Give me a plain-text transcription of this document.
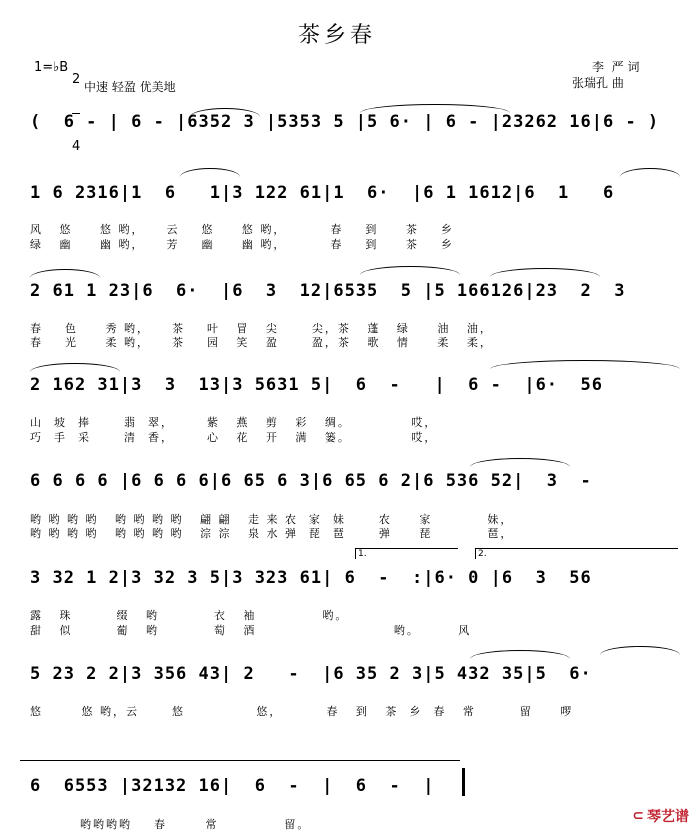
茶乡春
1=♭B

2

4

中速 轻盈 优美地
李  严 词
张瑞孔 曲
(  6 - | 6 - |6352 3 |5353 5 |5 6· | 6 - |23262 16|6 - )
1 6 2316|1  6   1|3 122 61|1  6·  |6 1 1612|6  1   6
风   悠     悠 哟，    云    悠     悠 哟，        春    到     茶    乡
绿   幽     幽 哟，    芳    幽     幽 哟，        春    到     茶    乡
2 61 1 23|6  6·  |6  3  12|6535  5 |5 166126|23  2  3
春    色     秀 哟，    茶    叶   冒   尖      尖，茶   蓬   绿     油   油，
春    光     柔 哟，    茶    园   笑   盈      盈，茶   歌   情     柔   柔，
2 162 31|3  3  13|3 5631 5|  6  -   |  6 -  |6·  56
山  坡  捧      翡  翠，      紫   燕   剪   彩   绸。           哎，
巧  手  采      清  香，      心   花   开   满   篓。           哎，
6 6 6 6 |6 6 6 6|6 65 6 3|6 65 6 2|6 536 52|  3  -
哟 哟 哟 哟   哟 哟 哟 哟   翩 翩   走 来 农  家  妹      农     家          妹，
哟 哟 哟 哟   哟 哟 哟 哟   淙 淙   泉 水 弹  琵  琶      弹     琵          琶，
1.	2.
3 32 1 2|3 32 3 5|3 323 61| 6  -  :|6· 0 |6  3  56
露   珠        缀   哟          衣   袖            哟。
甜   似        葡   哟          萄   酒                         哟。       风
5 23 2 2|3 356 43| 2   -  |6 35 2 3|5 432 35|5  6·
悠       悠 哟，云      悠             悠，        春   到   茶  乡  春   常        留     啰
6  6553 |32132 16|  6  -  |  6  -  |
哟哟哟哟    春       常            留。
⊂ 琴艺谱
